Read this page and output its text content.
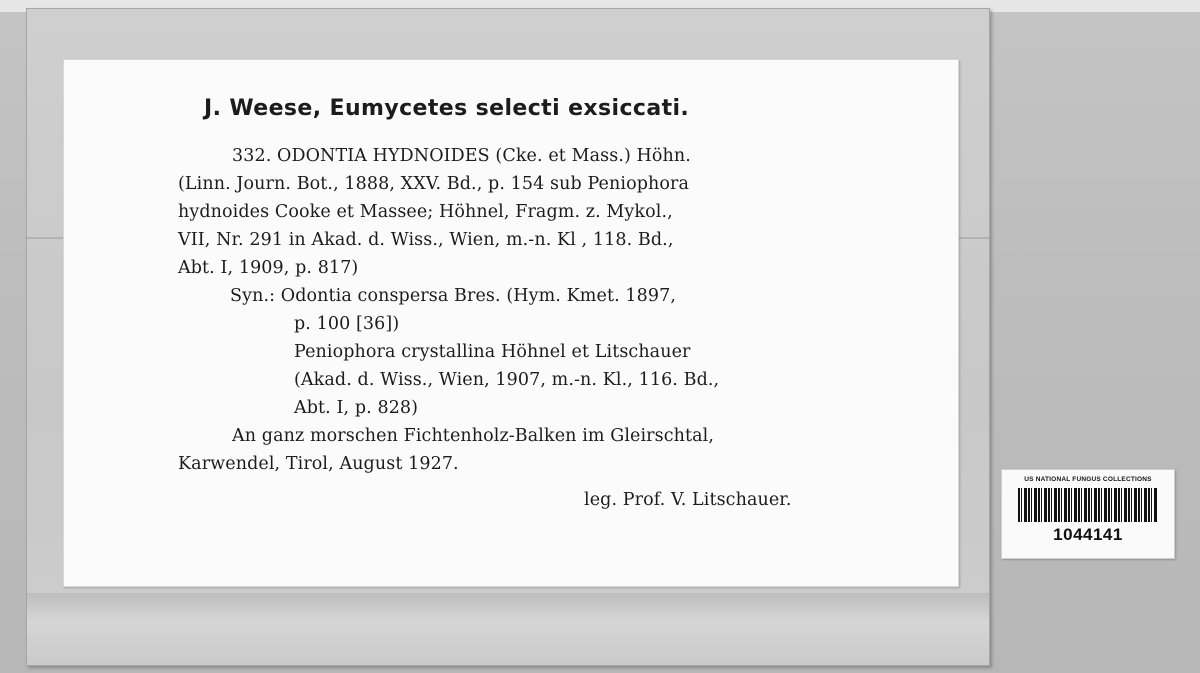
J. Weese, Eumycetes selecti exsiccati.
332. ODONTIA HYDNOIDES (Cke. et Mass.) Höhn.
(Linn. Journ. Bot., 1888, XXV. Bd., p. 154 sub Peniophora
hydnoides Cooke et Massee; Höhnel, Fragm. z. Mykol.,
VII, Nr. 291 in Akad. d. Wiss., Wien, m.-n. Kl , 118. Bd.,
Abt. I, 1909, p. 817)
Syn.: Odontia conspersa Bres. (Hym. Kmet. 1897,
p. 100 [36])
Peniophora crystallina Höhnel et Litschauer
(Akad. d. Wiss., Wien, 1907, m.-n. Kl., 116. Bd.,
Abt. I, p. 828)
An ganz morschen Fichtenholz-Balken im Gleirschtal,
Karwendel, Tirol, August 1927.
leg. Prof. V. Litschauer.
US NATIONAL FUNGUS COLLECTIONS
1044141
